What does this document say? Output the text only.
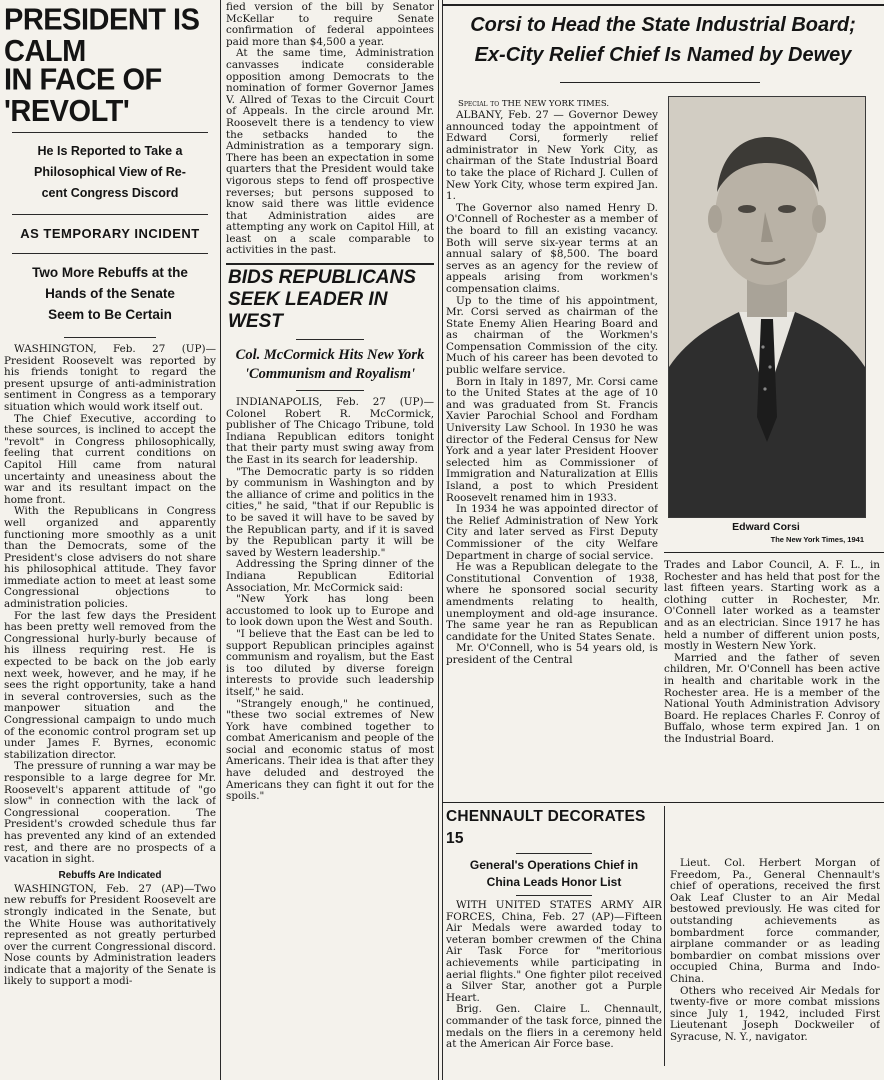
PRESIDENT IS CALM
IN FACE OF 'REVOLT'
He Is Reported to Take a
Philosophical View of Re-
cent Congress Discord
AS TEMPORARY INCIDENT
Two More Rebuffs at the
Hands of the Senate
Seem to Be Certain

WASHINGTON, Feb. 27 (UP)—President Roosevelt was reported by his friends tonight to regard the present upsurge of anti-administration sentiment in Congress as a temporary situation which would work itself out.

The Chief Executive, according to these sources, is inclined to accept the "revolt" in Congress philosophically, feeling that current conditions on Capitol Hill came from natural uncertainty and uneasiness about the war and its resultant impact on the home front.

With the Republicans in Congress well organized and apparently functioning more smoothly as a unit than the Democrats, some of the President's close advisers do not share his philosophical attitude. They favor immediate action to meet at least some Congressional objections to administration policies.

For the last few days the President has been pretty well removed from the Congressional hurly-burly because of his illness requiring rest. He is expected to be back on the job early next week, however, and he may, if he sees the right opportunity, take a hand in several controversies, such as the manpower situation and the Congressional campaign to undo much of the economic control program set up under James F. Byrnes, economic stabilization director.

The pressure of running a war may be responsible to a large degree for Mr. Roosevelt's apparent attitude of "go slow" in connection with the lack of Congressional cooperation. The President's crowded schedule thus far has prevented any kind of an extended rest, and there are no prospects of a vacation in sight.

Rebuffs Are Indicated

WASHINGTON, Feb. 27 (AP)—Two new rebuffs for President Roosevelt are strongly indicated in the Senate, but the White House was authoritatively represented as not greatly perturbed over the current Congressional discord. Nose counts by Administration leaders indicate that a majority of the Senate is likely to support a modi-

fied version of the bill by Senator McKellar to require Senate confirmation of federal appointees paid more than $4,500 a year.

At the same time, Administration canvasses indicate considerable opposition among Democrats to the nomination of former Governor James V. Allred of Texas to the Circuit Court of Appeals. In the circle around Mr. Roosevelt there is a tendency to view the setbacks handed to the Administration as a temporary sign. There has been an expectation in some quarters that the President would take vigorous steps to fend off prospective reverses; but persons supposed to know said there was little evidence that Administration aides are attempting any work on Capitol Hill, at least on a scale comparable to activities in the past.

BIDS REPUBLICANS
SEEK LEADER IN WEST
Col. McCormick Hits New York
'Communism and Royalism'

INDIANAPOLIS, Feb. 27 (UP)—Colonel Robert R. McCormick, publisher of The Chicago Tribune, told Indiana Republican editors tonight that their party must swing away from the East in its search for leadership.

"The Democratic party is so ridden by communism in Washington and by the alliance of crime and politics in the cities," he said, "that if our Republic is to be saved it will have to be saved by the Republican party, and if it is saved by the Republican party it will be saved by Western leadership."

Addressing the Spring dinner of the Indiana Republican Editorial Association, Mr. McCormick said:

"New York has long been accustomed to look up to Europe and to look down upon the West and South.

"I believe that the East can be led to support Republican principles against communism and royalism, but the East is too diluted by diverse foreign interests to provide such leadership itself," he said.

"Strangely enough," he continued, "these two social extremes of New York have combined together to combat Americanism and people of the social and economic status of most Americans. Their idea is that after they have deluded and destroyed the Americans they can fight it out for the spoils."

Corsi to Head the State Industrial Board;
Ex-City Relief Chief Is Named by Dewey
Special to THE NEW YORK TIMES.

ALBANY, Feb. 27 — Governor Dewey announced today the appointment of Edward Corsi, formerly relief administrator in New York City, as chairman of the State Industrial Board to take the place of Richard J. Cullen of New York City, whose term expired Jan. 1.

The Governor also named Henry D. O'Connell of Rochester as a member of the board to fill an existing vacancy. Both will serve six-year terms at an annual salary of $8,500. The board serves as an agency for the review of appeals arising from workmen's compensation claims.

Up to the time of his appointment, Mr. Corsi served as chairman of the State Enemy Alien Hearing Board and as chairman of the Workmen's Compensation Commission of the city. Much of his career has been devoted to public welfare service.

Born in Italy in 1897, Mr. Corsi came to the United States at the age of 10 and was graduated from St. Francis Xavier Parochial School and Fordham University Law School. In 1930 he was director of the Federal Census for New York and a year later President Hoover selected him as Commissioner of Immigration and Naturalization at Ellis Island, a post to which President Roosevelt renamed him in 1933.

In 1934 he was appointed director of the Relief Administration of New York City and later served as First Deputy Commissioner of the city Welfare Department in charge of social service.

He was a Republican delegate to the Constitutional Convention of 1938, where he sponsored social security amendments relating to health, unemployment and old-age insurance. The same year he ran as Republican candidate for the United States Senate.

Mr. O'Connell, who is 54 years old, is president of the Central

Edward Corsi
The New York Times, 1941

Trades and Labor Council, A. F. L., in Rochester and has held that post for the last fifteen years. Starting work as a clothing cutter in Rochester, Mr. O'Connell later worked as a teamster and as an electrician. Since 1917 he has held a number of different union posts, mostly in Western New York.

Married and the father of seven children, Mr. O'Connell has been active in health and charitable work in the Rochester area. He is a member of the National Youth Administration Advisory Board. He replaces Charles F. Conroy of Buffalo, whose term expired Jan. 1 on the Industrial Board.

CHENNAULT DECORATES 15
General's Operations Chief in
China Leads Honor List

WITH UNITED STATES ARMY AIR FORCES, China, Feb. 27 (AP)—Fifteen Air Medals were awarded today to veteran bomber crewmen of the China Air Task Force for "meritorious achievements while participating in aerial flights." One fighter pilot received a Silver Star, another got a Purple Heart.

Brig. Gen. Claire L. Chennault, commander of the task force, pinned the medals on the fliers in a ceremony held at the American Air Force base.

Lieut. Col. Herbert Morgan of Freedom, Pa., General Chennault's chief of operations, received the first Oak Leaf Cluster to an Air Medal bestowed previously. He was cited for outstanding achievements as bombardment force commander, airplane commander or as leading bombardier on combat missions over occupied China, Burma and Indo-China.

Others who received Air Medals for twenty-five or more combat missions since July 1, 1942, included First Lieutenant Joseph Dockweiler of Syracuse, N. Y., navigator.
